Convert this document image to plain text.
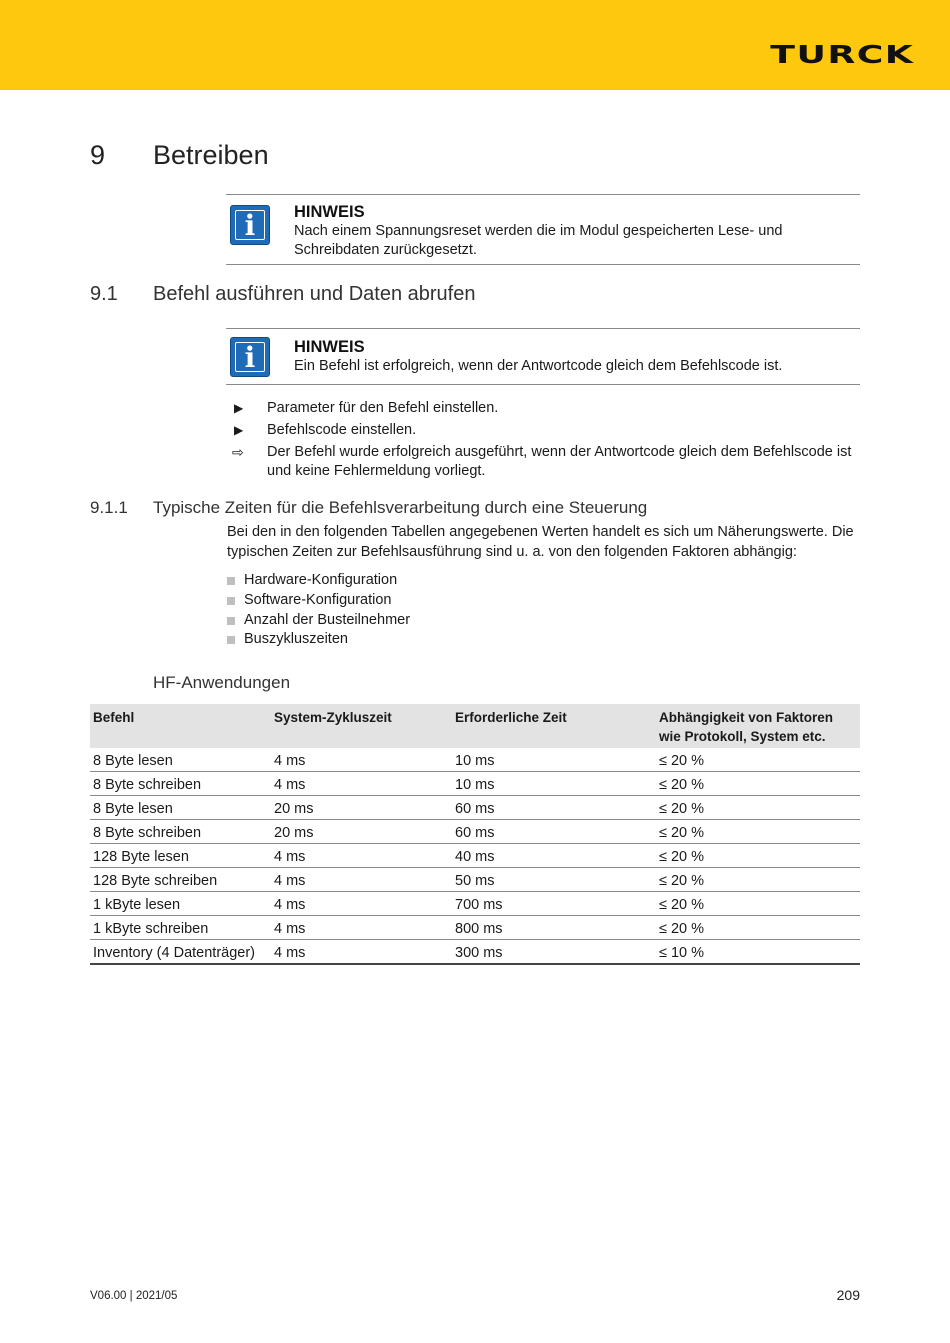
TURCK
9 Betreiben
i	HINWEIS
Nach einem Spannungsreset werden die im Modul gespeicherten Lese- und Schreibdaten zurückgesetzt.
9.1 Befehl ausführen und Daten abrufen
i	HINWEIS
Ein Befehl ist erfolgreich, wenn der Antwortcode gleich dem Befehlscode ist.
▶ Parameter für den Befehl einstellen.
▶ Befehlscode einstellen.
⇨ Der Befehl wurde erfolgreich ausgeführt, wenn der Antwortcode gleich dem Befehlscode ist und keine Fehlermeldung vorliegt.
9.1.1 Typische Zeiten für die Befehlsverarbeitung durch eine Steuerung
Bei den in den folgenden Tabellen angegebenen Werten handelt es sich um Näherungswerte. Die typischen Zeiten zur Befehlsausführung sind u. a. von den folgenden Faktoren abhängig:
Hardware-Konfiguration
Software-Konfiguration
Anzahl der Busteilnehmer
Buszykluszeiten
HF-Anwendungen
Befehl	System-Zykluszeit	Erforderliche Zeit	Abhängigkeit von Faktoren wie Protokoll, System etc.
8 Byte lesen	4 ms	10 ms	≤ 20 %
8 Byte schreiben	4 ms	10 ms	≤ 20 %
8 Byte lesen	20 ms	60 ms	≤ 20 %
8 Byte schreiben	20 ms	60 ms	≤ 20 %
128 Byte lesen	4 ms	40 ms	≤ 20 %
128 Byte schreiben	4 ms	50 ms	≤ 20 %
1 kByte lesen	4 ms	700 ms	≤ 20 %
1 kByte schreiben	4 ms	800 ms	≤ 20 %
Inventory (4 Datenträger)	4 ms	300 ms	≤ 10 %
V06.00 | 2021/05	209
